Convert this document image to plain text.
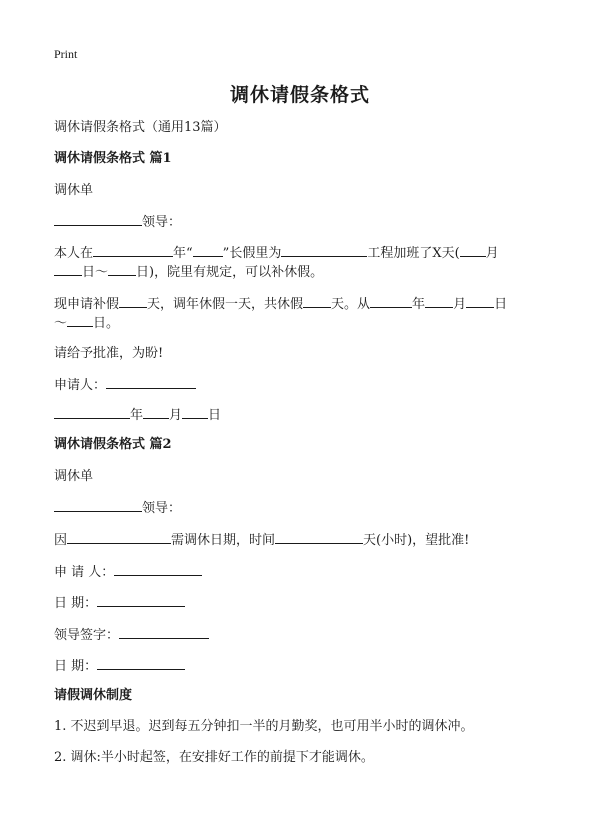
Print
调休请假条格式
调休请假条格式（通用13篇）
调休请假条格式 篇1
调休单
领导：
本人在	年“ ”长假里为	工程加班了X天( 月
日～ 日)，院里有规定，可以补休假。
现申请补假 天，调年休假一天，共休假 天。从	年 月 日
～ 日。
请给予批准，为盼!
申请人：
年 月 日
调休请假条格式 篇2
调休单
领导：
因	需调休日期，时间	天(小时)，望批准!
申 请 人：
日 期：
领导签字：
日 期：
请假调休制度
1. 不迟到早退。迟到每五分钟扣一半的月勤奖，也可用半小时的调休冲。
2. 调休:半小时起签，在安排好工作的前提下才能调休。
